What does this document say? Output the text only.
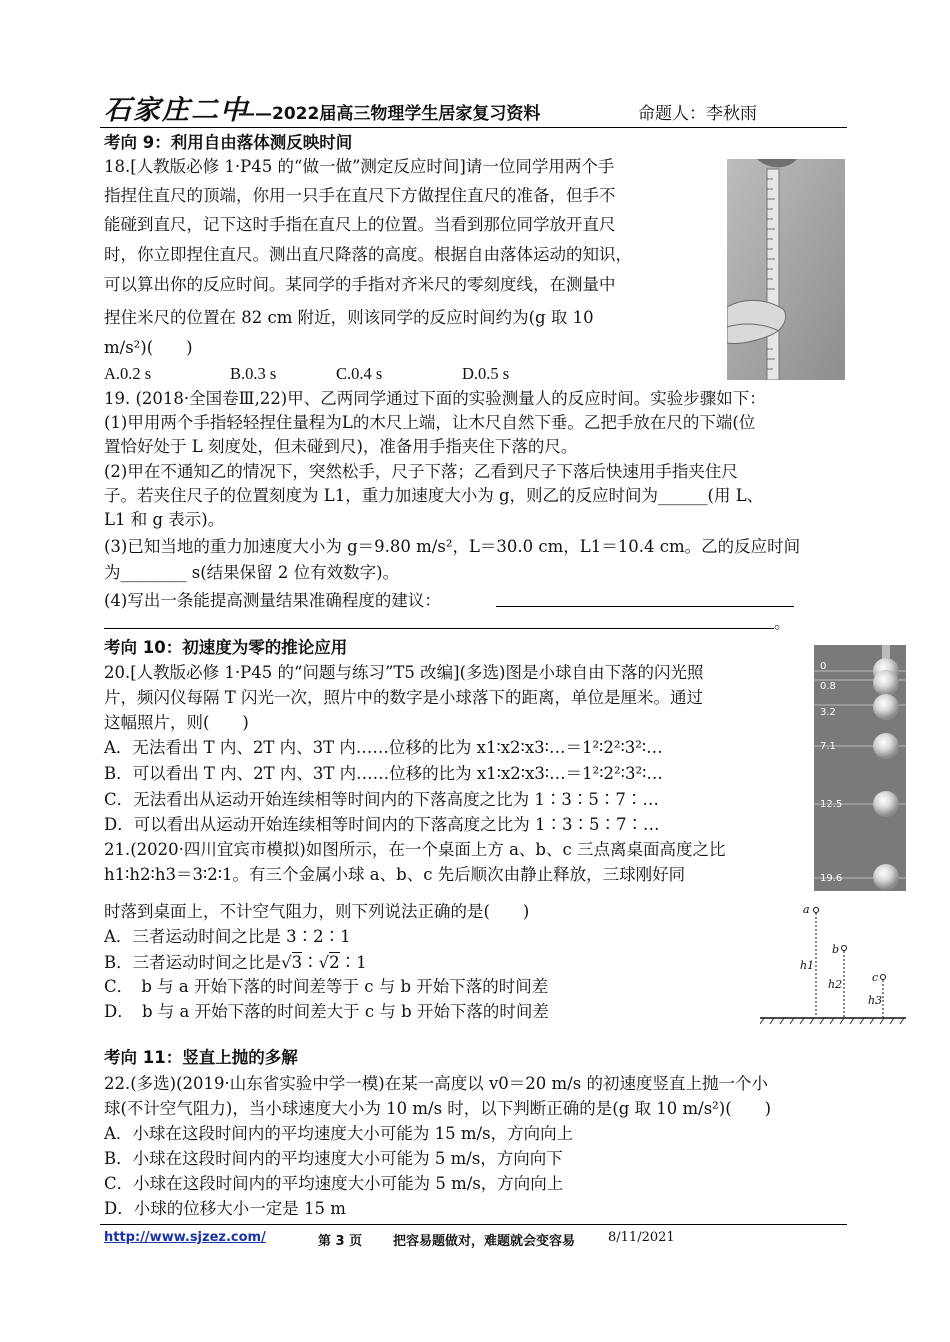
石家庄二中
——2022届高三物理学生居家复习资料	命题人：李秋雨
考向 9：利用自由落体测反映时间
18.[人教版必修 1·P45 的“做一做”测定反应时间]请一位同学用两个手
指捏住直尺的顶端，你用一只手在直尺下方做捏住直尺的准备，但手不
能碰到直尺，记下这时手指在直尺上的位置。当看到那位同学放开直尺
时，你立即捏住直尺。测出直尺降落的高度。根据自由落体运动的知识，
可以算出你的反应时间。某同学的手指对齐米尺的零刻度线，在测量中
捏住米尺的位置在 82 cm 附近，则该同学的反应时间约为(g 取 10
m/s²)(　　)
A.0.2 s	B.0.3 s	C.0.4 s	D.0.5 s
19. (2018·全国卷Ⅲ,22)甲、乙两同学通过下面的实验测量人的反应时间。实验步骤如下：
(1)甲用两个手指轻轻捏住量程为L的木尺上端，让木尺自然下垂。乙把手放在尺的下端(位
置恰好处于 L 刻度处，但未碰到尺)，准备用手指夹住下落的尺。
(2)甲在不通知乙的情况下，突然松手，尺子下落；乙看到尺子下落后快速用手指夹住尺
子。若夹住尺子的位置刻度为 L1，重力加速度大小为 g，则乙的反应时间为______(用 L、
L1 和 g 表示)。
(3)已知当地的重力加速度大小为 g＝9.80 m/s²，L＝30.0 cm，L1＝10.4 cm。乙的反应时间
为________ s(结果保留 2 位有效数字)。
(4)写出一条能提高测量结果准确程度的建议：
。
考向 10：初速度为零的推论应用
20.[人教版必修 1·P45 的“问题与练习”T5 改编](多选)图是小球自由下落的闪光照
片，频闪仪每隔 T 闪光一次，照片中的数字是小球落下的距离，单位是厘米。通过
这幅照片，则(　　)
A．无法看出 T 内、2T 内、3T 内……位移的比为 x1∶x2∶x3∶…＝1²∶2²∶3²∶…
B．可以看出 T 内、2T 内、3T 内……位移的比为 x1∶x2∶x3∶…＝1²∶2²∶3²∶…
C．无法看出从运动开始连续相等时间内的下落高度之比为 1∶3∶5∶7∶…
D．可以看出从运动开始连续相等时间内的下落高度之比为 1∶3∶5∶7∶…
0
0.8
3.2
7.1
12.5
19.6
21.(2020·四川宜宾市模拟)如图所示，在一个桌面上方 a、b、c 三点离桌面高度之比
h1∶h2∶h3＝3∶2∶1。有三个金属小球 a、b、c 先后顺次由静止释放，三球刚好同
时落到桌面上，不计空气阻力，则下列说法正确的是(　　)
A．三者运动时间之比是 3∶2∶1
B．三者运动时间之比是√3∶√2∶1
C．　b 与 a 开始下落的时间差等于 c 与 b 开始下落的时间差
D．　b 与 a 开始下落的时间差大于 c 与 b 开始下落的时间差
a
b
c
h1
h2
h3
考向 11：竖直上抛的多解
22.(多选)(2019·山东省实验中学一模)在某一高度以 v0＝20 m/s 的初速度竖直上抛一个小
球(不计空气阻力)，当小球速度大小为 10 m/s 时，以下判断正确的是(g 取 10 m/s²)(　　)
A．小球在这段时间内的平均速度大小可能为 15 m/s，方向向上
B．小球在这段时间内的平均速度大小可能为 5 m/s，方向向下
C．小球在这段时间内的平均速度大小可能为 5 m/s，方向向上
D．小球的位移大小一定是 15 m
http://www.sjzez.com/	第 3 页 把容易题做对，难题就会变容易	8/11/2021
